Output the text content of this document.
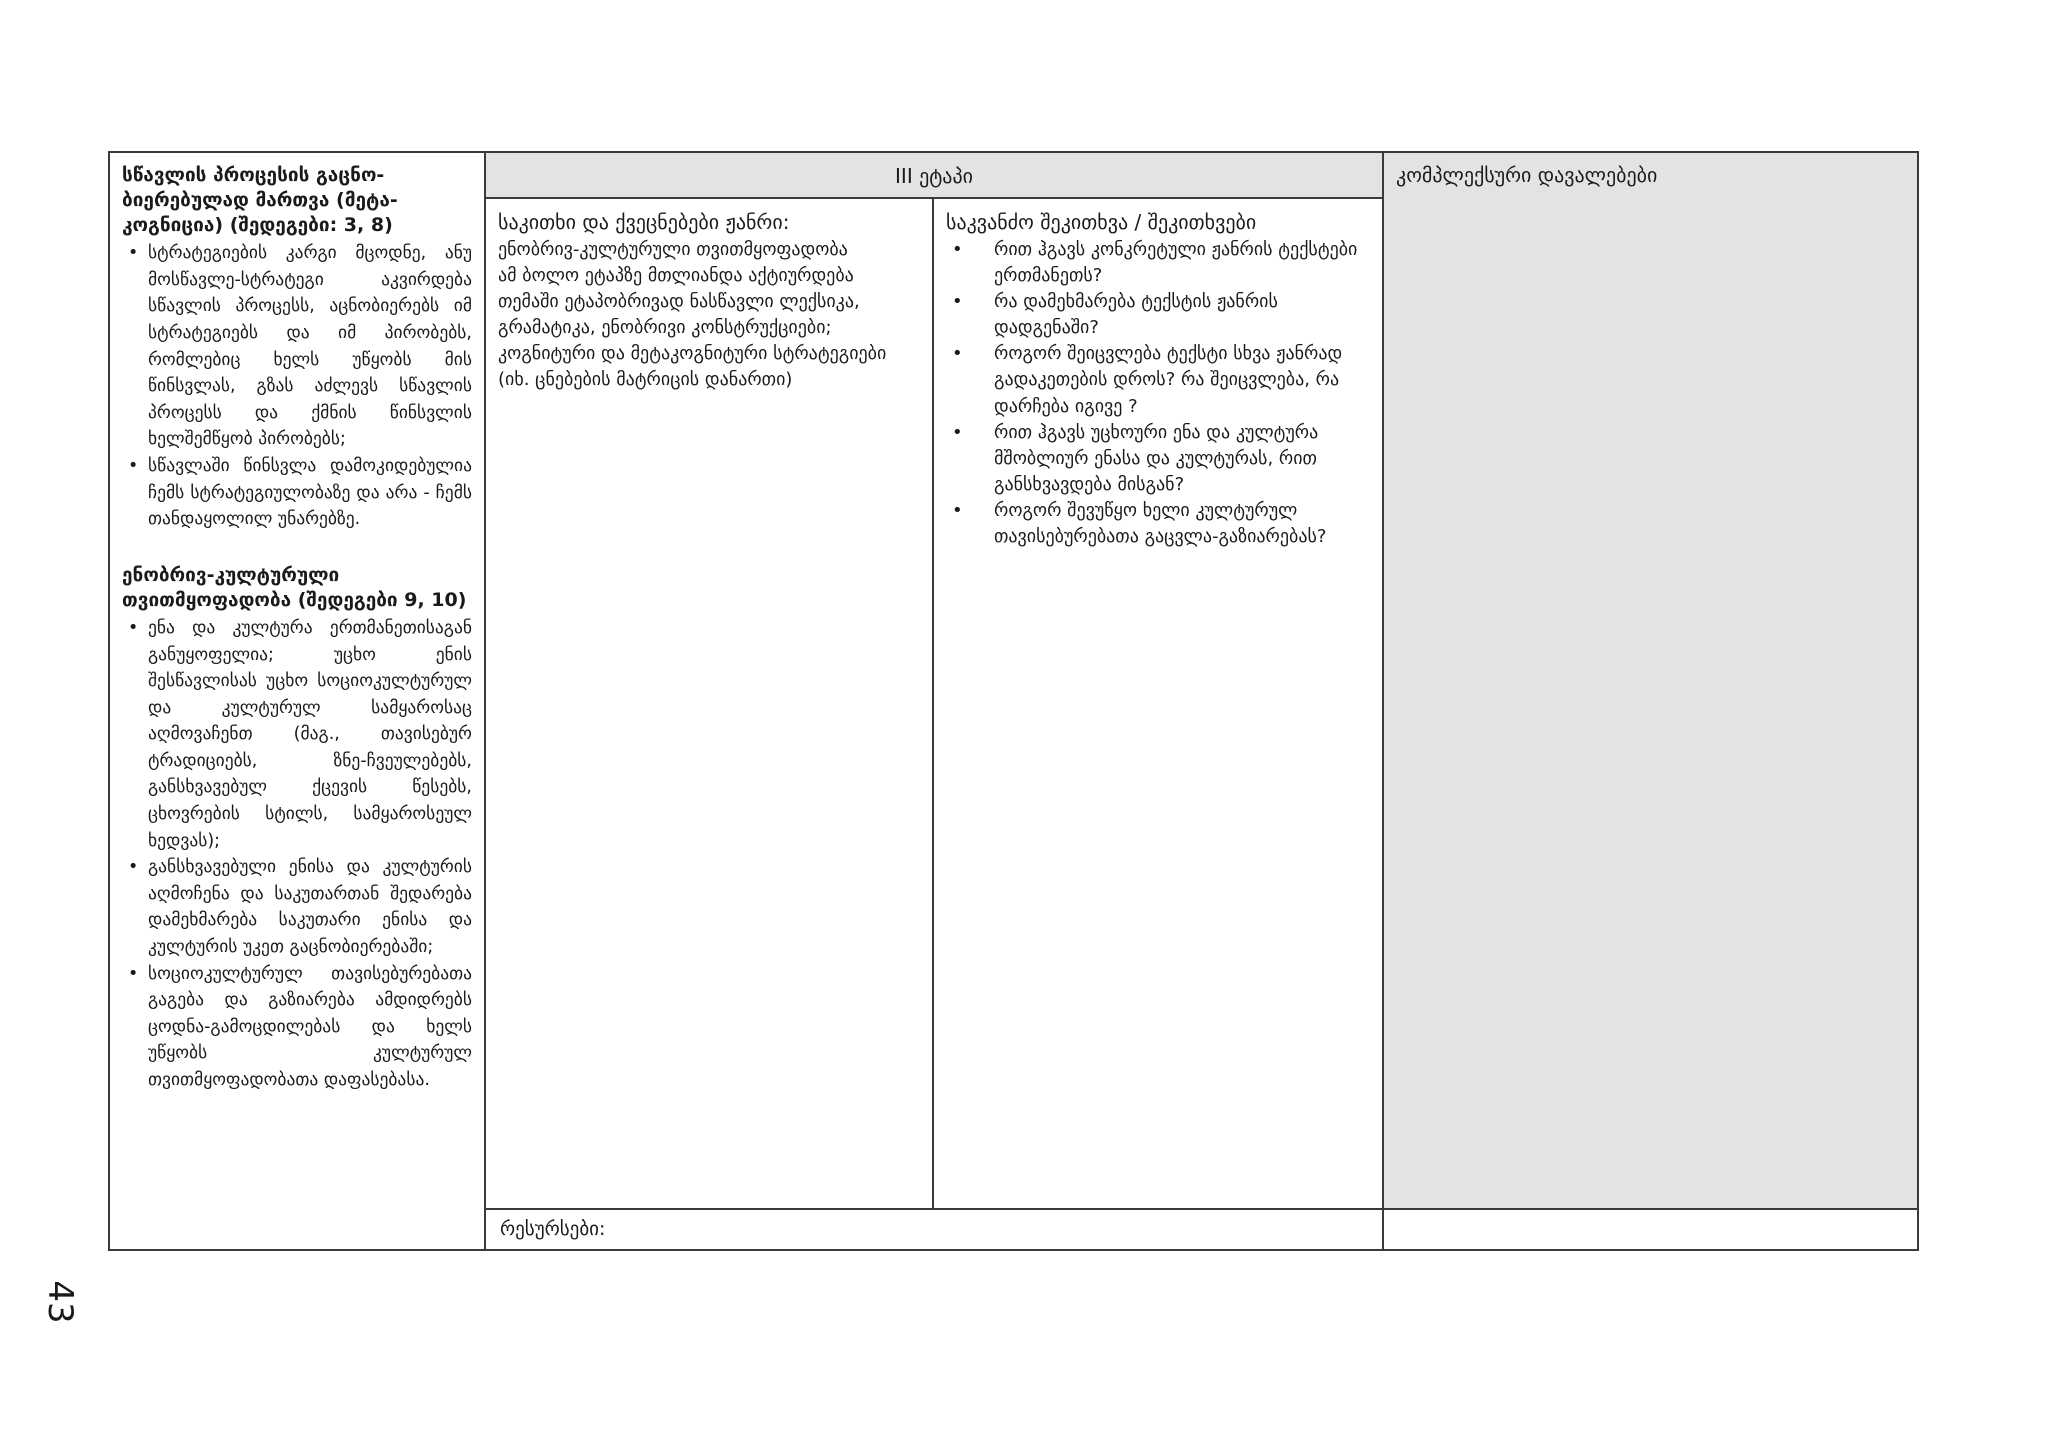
სწავლის პროცესის გაცნო-ბიერებულად მართვა (მეტა-კოგნიცია) (შედეგები: 3, 8)

• სტრატეგიების კარგი მცოდნე, ანუ მოსწავლე-სტრატეგი აკვირდება სწავლის პროცესს, აცნობიერებს იმ სტრატეგიებს და იმ პირობებს, რომლებიც ხელს უწყობს მის წინსვლას, გზას აძლევს სწავლის პროცესს და ქმნის წინსვლის ხელშემწყობ პირობებს;
• სწავლაში წინსვლა დამოკიდებულია ჩემს სტრატეგიულობაზე და არა - ჩემს თანდაყოლილ უნარებზე.

ენობრივ-კულტურული თვითმყოფადობა (შედეგები 9, 10)

• ენა და კულტურა ერთმანეთისაგან განუყოფელია; უცხო ენის შესწავლისას უცხო სოციოკულტურულ და კულტურულ სამყაროსაც აღმოვაჩენთ (მაგ., თავისებურ ტრადიციებს, ზნე-ჩვეულებებს, განსხვავებულ ქცევის წესებს, ცხოვრების სტილს, სამყაროსეულ ხედვას);
• განსხვავებული ენისა და კულტურის აღმოჩენა და საკუთართან შედარება დამეხმარება საკუთარი ენისა და კულტურის უკეთ გაცნობიერებაში;
• სოციოკულტურულ თავისებურებათა გაგება და გაზიარება ამდიდრებს ცოდნა-გამოცდილებას და ხელს უწყობს კულტურულ თვითმყოფადობათა დაფასებასა.
III ეტაპი

საკითხი და ქვეცნებები ჟანრი:

ენობრივ-კულტურული თვითმყოფადობა
ამ ბოლო ეტაპზე მთლიანდა აქტიურდება თემაში ეტაპობრივად ნასწავლი ლექსიკა, გრამატიკა, ენობრივი კონსტრუქციები; კოგნიტური და მეტაკოგნიტური სტრატეგიები (იხ. ცნებების მატრიცის დანართი)

საკვანძო შეკითხვა / შეკითხვები

• რით ჰგავს კონკრეტული ჟანრის ტექსტები ერთმანეთს?
• რა დამეხმარება ტექსტის ჟანრის დადგენაში?
• როგორ შეიცვლება ტექსტი სხვა ჟანრად გადაკეთების დროს? რა შეიცვლება, რა დარჩება იგივე ?
• რით ჰგავს უცხოური ენა და კულტურა მშობლიურ ენასა და კულტურას, რით განსხვავდება მისგან?
• როგორ შევუწყო ხელი კულტურულ თავისებურებათა გაცვლა-გაზიარებას?

კომპლექსური დავალებები

რესურსები:
43
